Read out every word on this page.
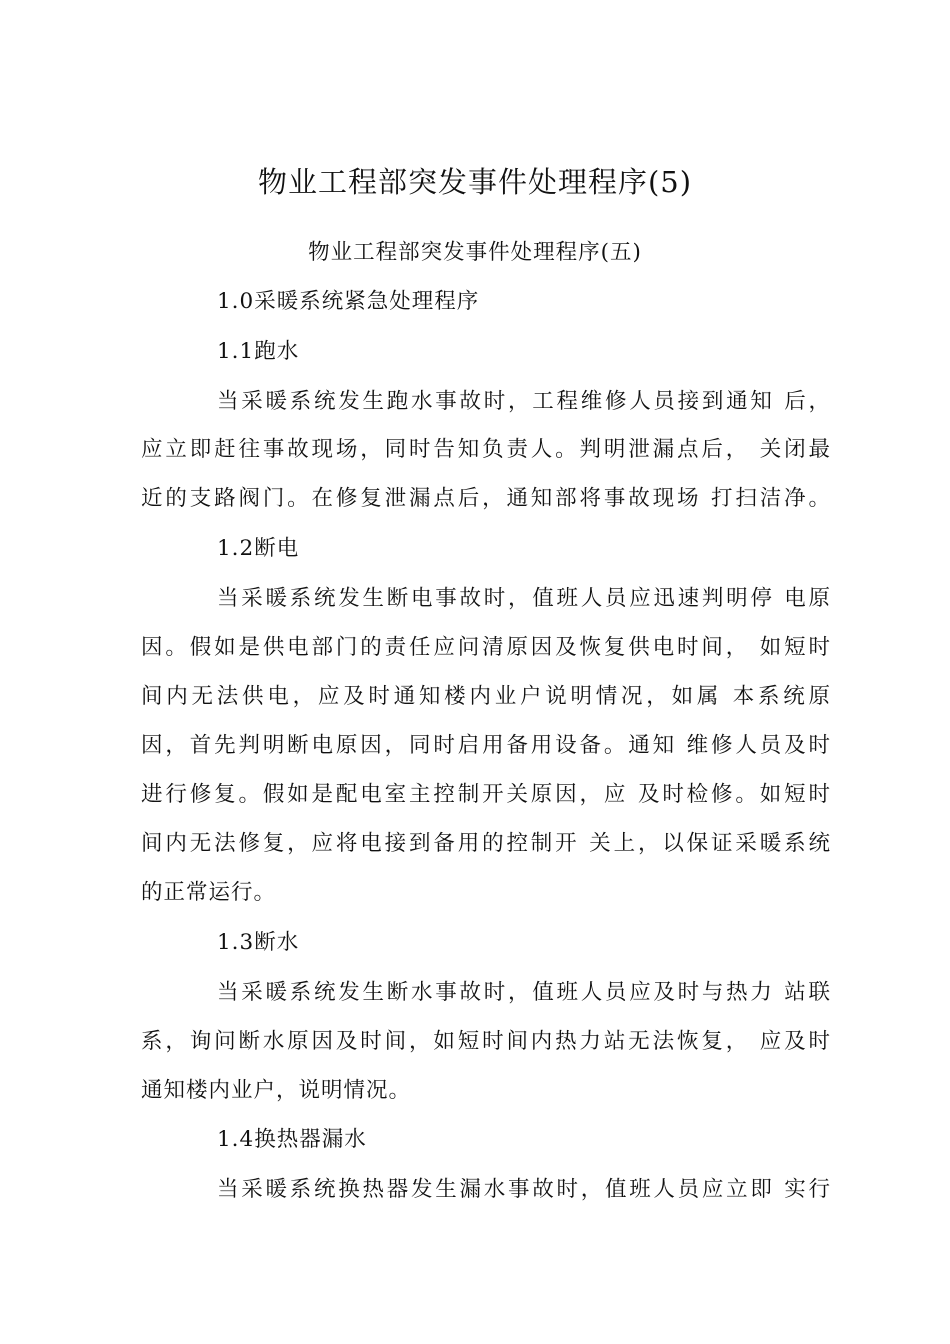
物业工程部突发事件处理程序(5)
物业工程部突发事件处理程序(五)
1.0采暖系统紧急处理程序
1.1跑水
当采暖系统发生跑水事故时，工程维修人员接到通知 后，
应立即赶往事故现场，同时告知负责人。判明泄漏点后， 关闭最
近的支路阀门。在修复泄漏点后，通知部将事故现场 打扫洁净。
1.2断电
当采暖系统发生断电事故时，值班人员应迅速判明停 电原
因。假如是供电部门的责任应问清原因及恢复供电时间， 如短时
间内无法供电，应及时通知楼内业户说明情况，如属 本系统原
因，首先判明断电原因，同时启用备用设备。通知 维修人员及时
进行修复。假如是配电室主控制开关原因，应 及时检修。如短时
间内无法修复，应将电接到备用的控制开 关上，以保证采暖系统
的正常运行。
1.3断水
当采暖系统发生断水事故时，值班人员应及时与热力 站联
系，询问断水原因及时间，如短时间内热力站无法恢复， 应及时
通知楼内业户，说明情况。
1.4换热器漏水
当采暖系统换热器发生漏水事故时，值班人员应立即 实行
